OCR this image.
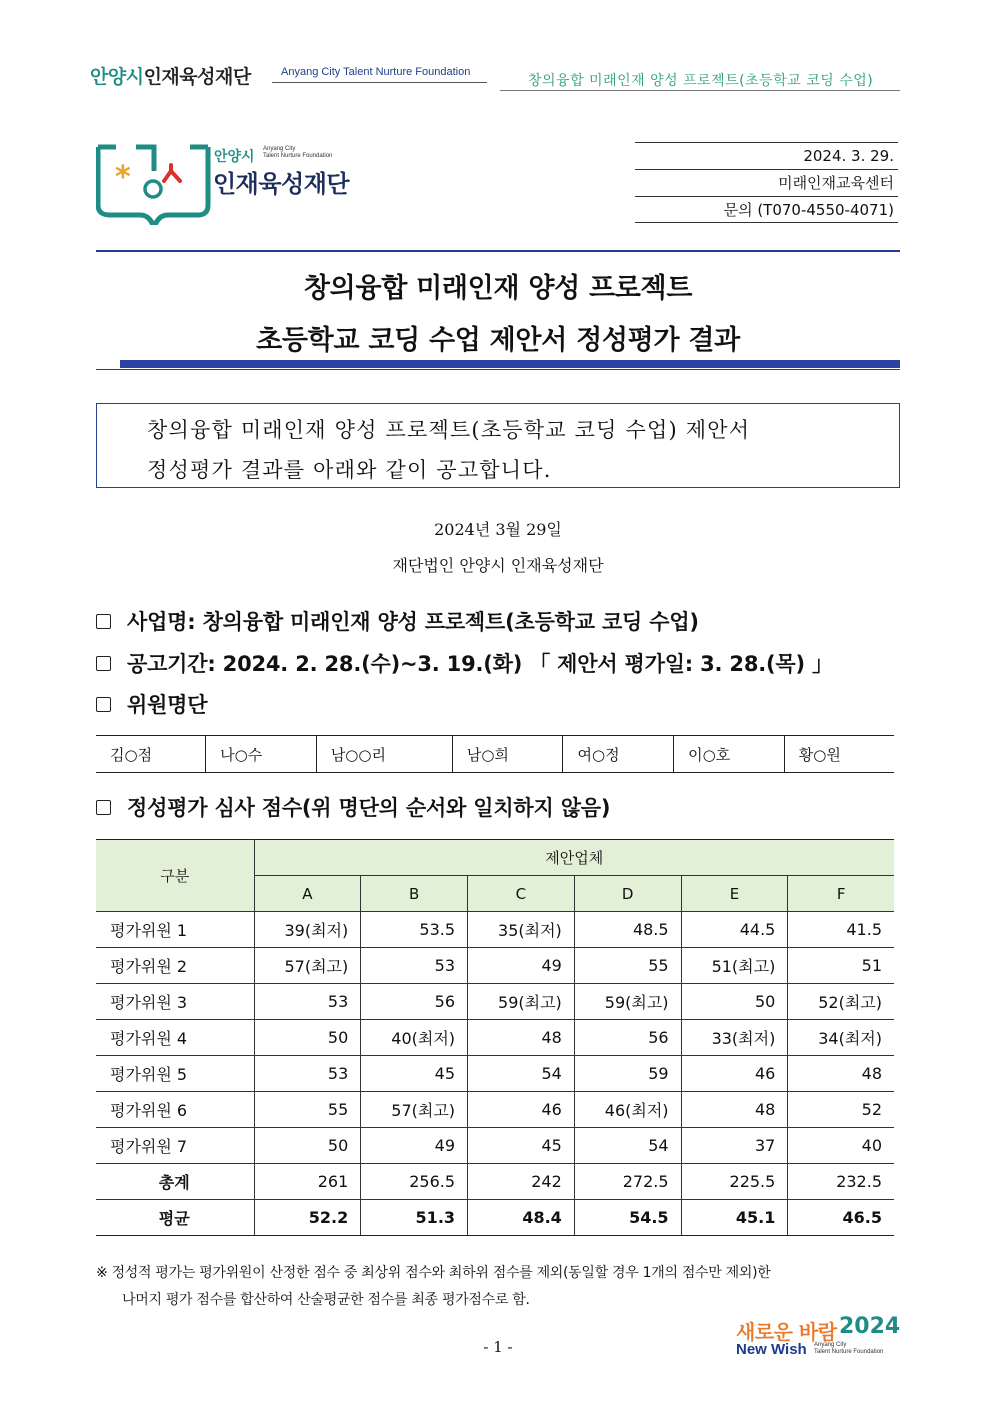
안양시인재육성재단	Anyang City Talent Nurture Foundation
창의융합 미래인재 양성 프로젝트(초등학교 코딩 수업)
*
안양시 Anyang City
Talent Nurture Foundation
인재육성재단
2024. 3. 29.
미래인재교육센터
문의 (T070-4550-4071)
창의융합 미래인재 양성 프로젝트
초등학교 코딩 수업 제안서 정성평가 결과
창의융합 미래인재 양성 프로젝트(초등학교 코딩 수업) 제안서
정성평가 결과를 아래와 같이 공고합니다.
2024년 3월 29일
재단법인 안양시 인재육성재단
사업명: 창의융합 미래인재 양성 프로젝트(초등학교 코딩 수업)
공고기간: 2024. 2. 28.(수)~3. 19.(화) 「 제안서 평가일: 3. 28.(목) 」
위원명단
김○점	나○수	남○○리	남○희	여○정	이○호	황○원
정성평가 심사 점수(위 명단의 순서와 일치하지 않음)
구분	제안업체					
	A	B	C	D	E	F
평가위원 1	39(최저)	53.5	35(최저)	48.5	44.5	41.5
평가위원 2	57(최고)	53	49	55	51(최고)	51
평가위원 3	53	56	59(최고)	59(최고)	50	52(최고)
평가위원 4	50	40(최저)	48	56	33(최저)	34(최저)
평가위원 5	53	45	54	59	46	48
평가위원 6	55	57(최고)	46	46(최저)	48	52
평가위원 7	50	49	45	54	37	40
총계	261	256.5	242	272.5	225.5	232.5
평균	52.2	51.3	48.4	54.5	45.1	46.5
※ 정성적 평가는 평가위원이 산정한 점수 중 최상위 점수와 최하위 점수를 제외(동일할 경우 1개의 점수만 제외)한
나머지 평가 점수를 합산하여 산술평균한 점수를 최종 평가점수로 함.
- 1 -
새로운 바람 2024
New Wish Anyang City
Talent Nurture Foundation
